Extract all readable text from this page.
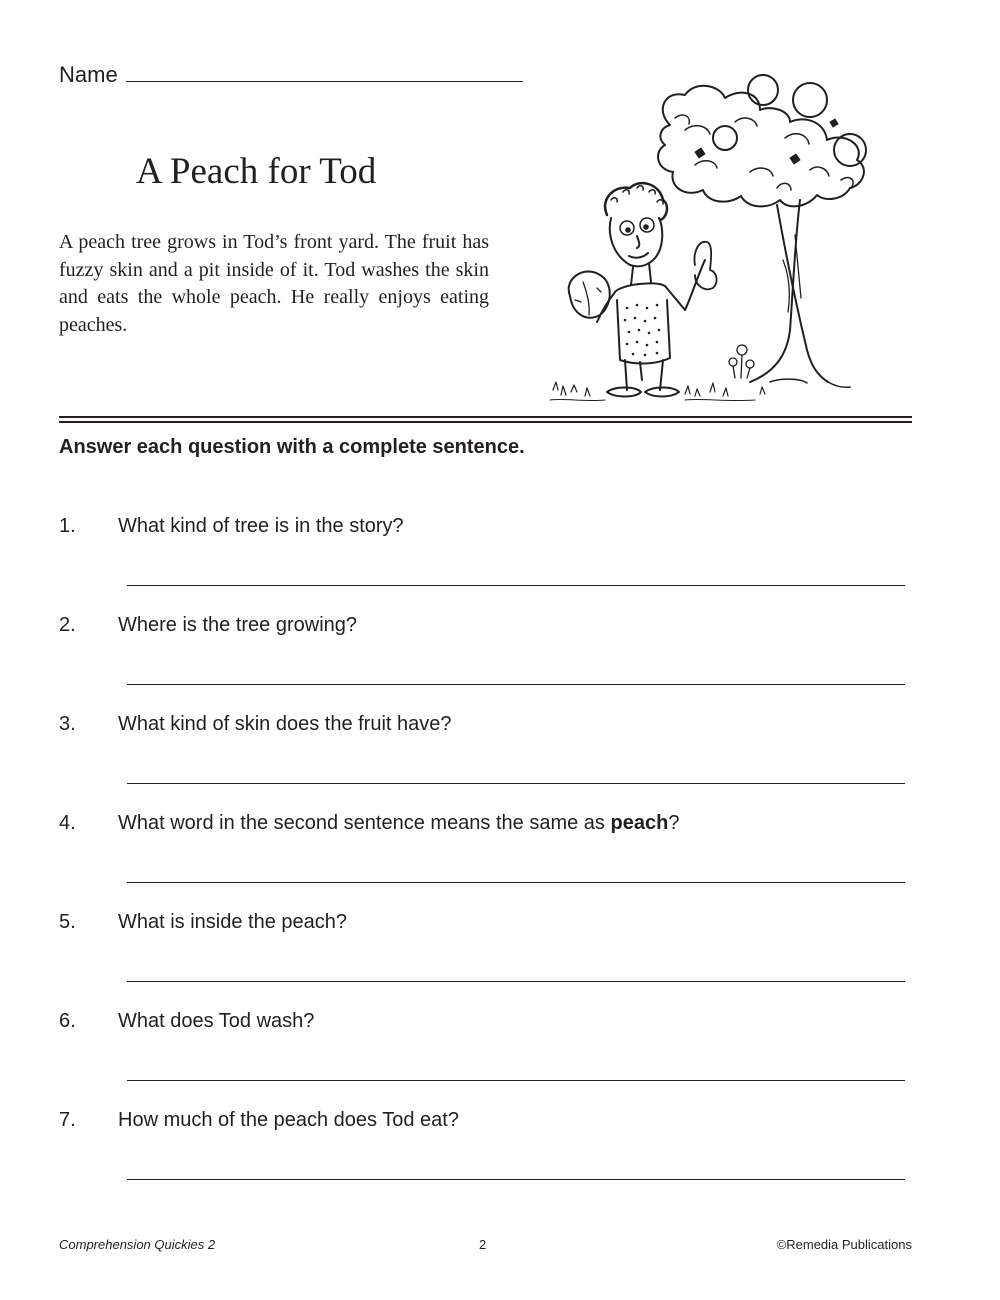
Name
A Peach for Tod
A peach tree grows in Tod’s front yard. The fruit has fuzzy skin and a pit inside of it. Tod washes the skin and eats the whole peach. He really enjoys eating peaches.
Answer each question with a complete sentence.
1. What kind of tree is in the story?
2. Where is the tree growing?
3. What kind of skin does the fruit have?
4. What word in the second sentence means the same as peach?
5. What is inside the peach?
6. What does Tod wash?
7. How much of the peach does Tod eat?
Comprehension Quickies 2	2	©Remedia Publications
